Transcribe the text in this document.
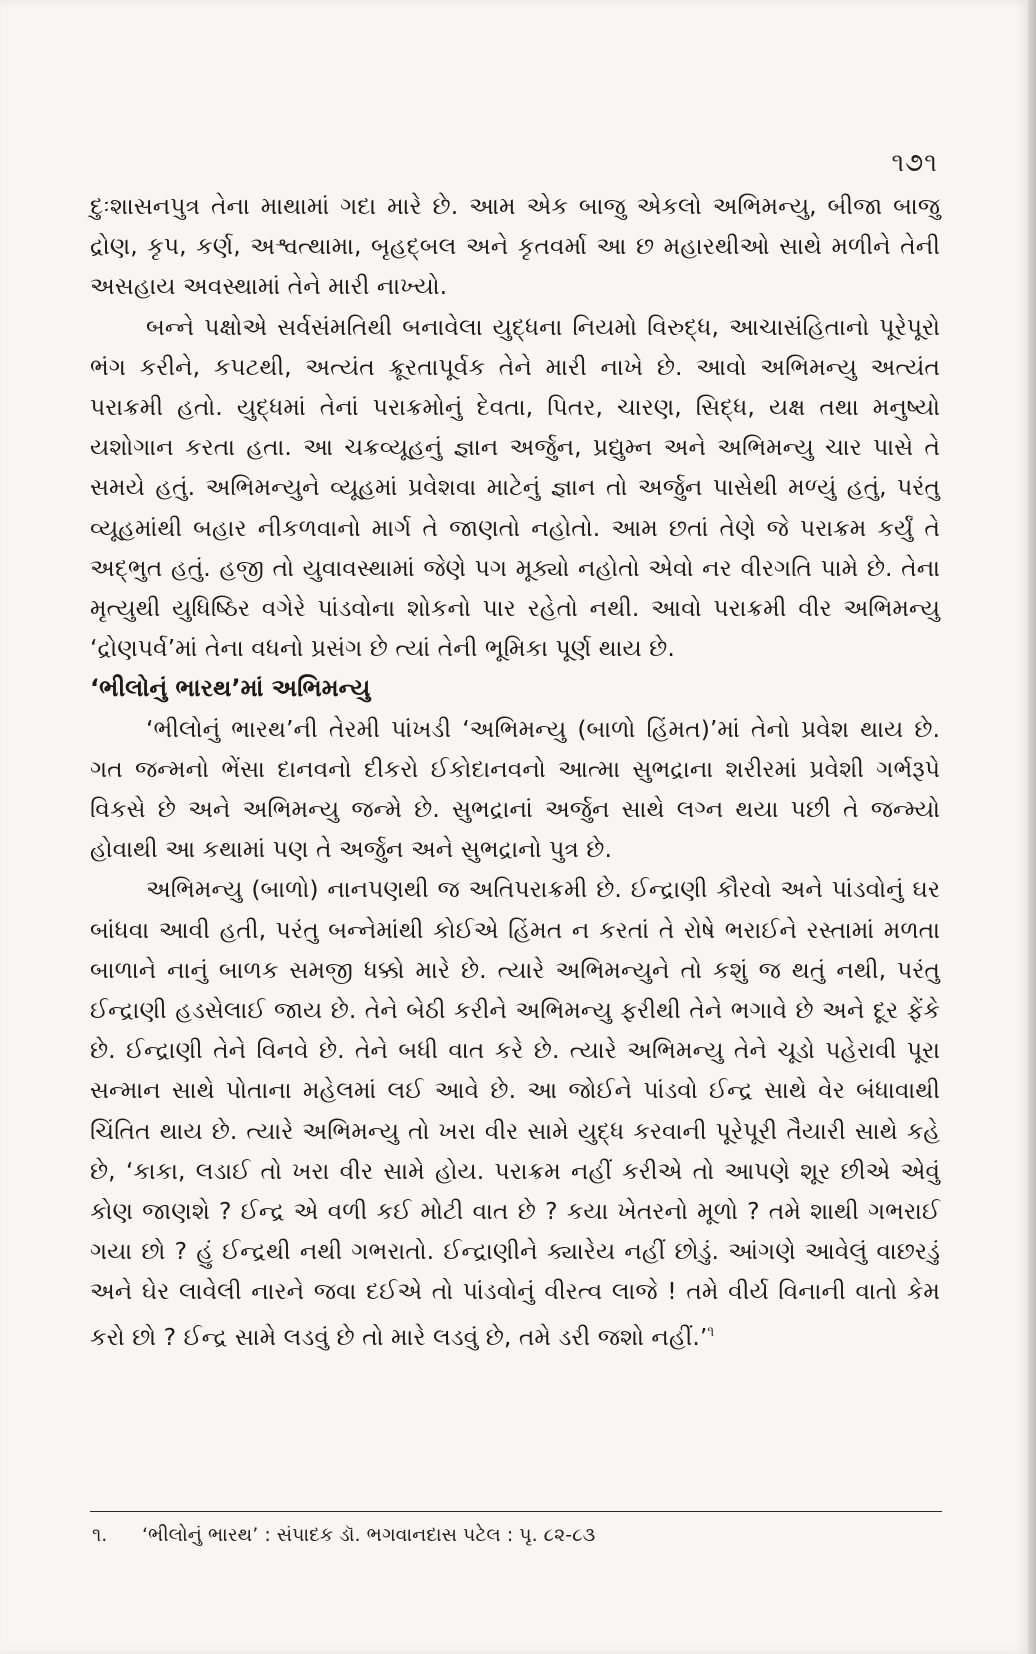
૧૭૧

દુઃશાસનપુત્ર તેના માથામાં ગદા મારે છે. આમ એક બાજુ એકલો અભિમન્યુ, બીજા બાજુ દ્રોણ, કૃપ, કર્ણ, અશ્વત્થામા, બૃહદ્‌બલ અને કૃતવર્મા આ છ મહારથીઓ સાથે મળીને તેની અસહાય અવસ્થામાં તેને મારી નાખ્યો.

બન્ને પક્ષોએ સર્વસંમતિથી બનાવેલા યુદ્ધના નિયમો વિરુદ્ધ, આચાસંહિતાનો પૂરેપૂરો ભંગ કરીને, કપટથી, અત્યંત ક્રૂરતાપૂર્વક તેને મારી નાખે છે. આવો અભિમન્યુ અત્યંત પરાક્રમી હતો. યુદ્ધમાં તેનાં પરાક્રમોનું દેવતા, પિતર, ચારણ, સિદ્ધ, યક્ષ તથા મનુષ્યો યશોગાન કરતા હતા. આ ચક્રવ્યૂહનું જ્ઞાન અર્જુન, પ્રદ્યુમ્ન અને અભિમન્યુ ચાર પાસે તે સમયે હતું. અભિમન્યુને વ્યૂહમાં પ્રવેશવા માટેનું જ્ઞાન તો અર્જુન પાસેથી મળ્યું હતું, પરંતુ વ્યૂહમાંથી બહાર નીકળવાનો માર્ગ તે જાણતો નહોતો. આમ છતાં તેણે જે પરાક્રમ કર્યું તે અદ્‌ભુત હતું. હજી તો યુવાવસ્થામાં જેણે પગ મૂક્યો નહોતો એવો નર વીરગતિ પામે છે. તેના મૃત્યુથી યુધિષ્ઠિર વગેરે પાંડવોના શોકનો પાર રહેતો નથી. આવો પરાક્રમી વીર અભિમન્યુ ‘દ્રોણપર્વ’માં તેના વધનો પ્રસંગ છે ત્યાં તેની ભૂમિકા પૂર્ણ થાય છે.

‘ભીલોનું ભારથ’માં અભિમન્યુ

‘ભીલોનું ભારથ’ની તેરમી પાંખડી ‘અભિમન્યુ (બાળો હિંમત)’માં તેનો પ્રવેશ થાય છે. ગત જન્મનો ભેંસા દાનવનો દીકરો ઈકોદાનવનો આત્મા સુભદ્રાના શરીરમાં પ્રવેશી ગર્ભરૂપે વિકસે છે અને અભિમન્યુ જન્મે છે. સુભદ્રાનાં અર્જુન સાથે લગ્ન થયા પછી તે જન્મ્યો હોવાથી આ કથામાં પણ તે અર્જુન અને સુભદ્રાનો પુત્ર છે.

અભિમન્યુ (બાળો) નાનપણથી જ અતિપરાક્રમી છે. ઈન્દ્રાણી કૌરવો અને પાંડવોનું ઘર બાંધવા આવી હતી, પરંતુ બન્નેમાંથી કોઈએ હિંમત ન કરતાં તે રોષે ભરાઈને રસ્તામાં મળતા બાળાને નાનું બાળક સમજી ધક્કો મારે છે. ત્યારે અભિમન્યુને તો કશું જ થતું નથી, પરંતુ ઈન્દ્રાણી હડસેલાઈ જાય છે. તેને બેઠી કરીને અભિમન્યુ ફરીથી તેને ભગાવે છે અને દૂર ફેંકે છે. ઈન્દ્રાણી તેને વિનવે છે. તેને બધી વાત કરે છે. ત્યારે અભિમન્યુ તેને ચૂડો પહેરાવી પૂરા સન્માન સાથે પોતાના મહેલમાં લઈ આવે છે. આ જોઈને પાંડવો ઈન્દ્ર સાથે વેર બંધાવાથી ચિંતિત થાય છે. ત્યારે અભિમન્યુ તો ખરા વીર સામે યુદ્ધ કરવાની પૂરેપૂરી તૈયારી સાથે કહે છે, ‘કાકા, લડાઈ તો ખરા વીર સામે હોય. પરાક્રમ નહીં કરીએ તો આપણે શૂર છીએ એવું કોણ જાણશે ? ઈન્દ્ર એ વળી કઈ મોટી વાત છે ? કયા ખેતરનો મૂળો ? તમે શાથી ગભરાઈ ગયા છો ? હું ઈન્દ્રથી નથી ગભરાતો. ઈન્દ્રાણીને ક્યારેય નહીં છોડું. આંગણે આવેલું વાછરડું અને ઘેર લાવેલી નારને જવા દઈએ તો પાંડવોનું વીરત્વ લાજે ! તમે વીર્ય વિનાની વાતો કેમ કરો છો ? ઈન્દ્ર સામે લડવું છે તો મારે લડવું છે, તમે ડરી જશો નહીં.’$^૧$

૧. ‘ભીલોનું ભારથ’ : સંપાદક ડૉ. ભગવાનદાસ પટેલ : પૃ. ૮૨-૮૩
